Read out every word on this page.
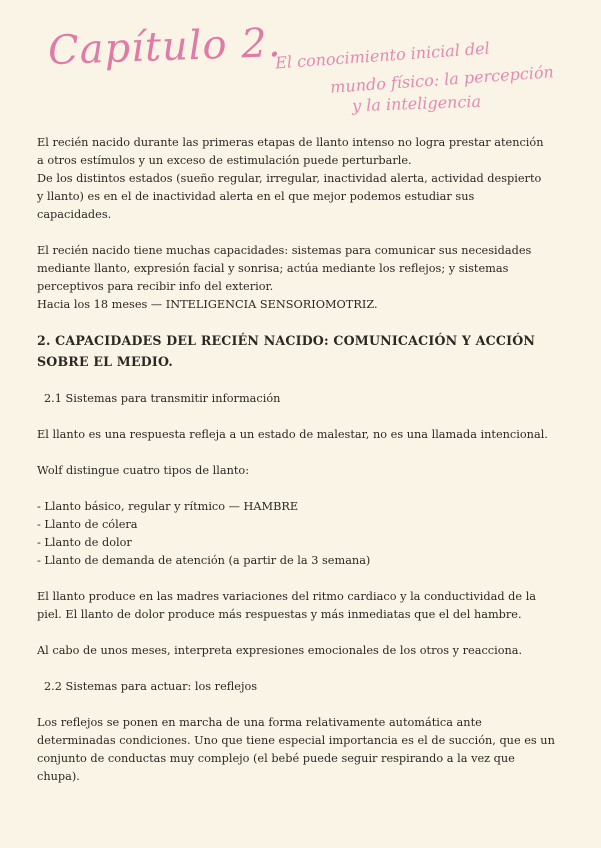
Capítulo 2.
El conocimiento inicial del
mundo físico: la percepción
y la inteligencia

El recién nacido durante las primeras etapas de llanto intenso no logra prestar atención

a otros estímulos y un exceso de estimulación puede perturbarle.

De los distintos estados (sueño regular, irregular, inactividad alerta, actividad despierto

y llanto) es en el de inactividad alerta en el que mejor podemos estudiar sus

capacidades.

El recién nacido tiene muchas capacidades: sistemas para comunicar sus necesidades

mediante llanto, expresión facial y sonrisa; actúa mediante los reflejos; y sistemas

perceptivos para recibir info del exterior.

Hacia los 18 meses — INTELIGENCIA SENSORIOMOTRIZ.

2. CAPACIDADES DEL RECIÉN NACIDO: COMUNICACIÓN Y ACCIÓN

SOBRE EL MEDIO.

2.1 Sistemas para transmitir información

El llanto es una respuesta refleja a un estado de malestar, no es una llamada intencional.

Wolf distingue cuatro tipos de llanto:

- Llanto básico, regular y rítmico — HAMBRE

- Llanto de cólera

- Llanto de dolor

- Llanto de demanda de atención (a partir de la 3 semana)

El llanto produce en las madres variaciones del ritmo cardiaco y la conductividad de la

piel. El llanto de dolor produce más respuestas y más inmediatas que el del hambre.

Al cabo de unos meses, interpreta expresiones emocionales de los otros y reacciona.

2.2 Sistemas para actuar: los reflejos

Los reflejos se ponen en marcha de una forma relativamente automática ante

determinadas condiciones. Uno que tiene especial importancia es el de succión, que es un

conjunto de conductas muy complejo (el bebé puede seguir respirando a la vez que

chupa).
